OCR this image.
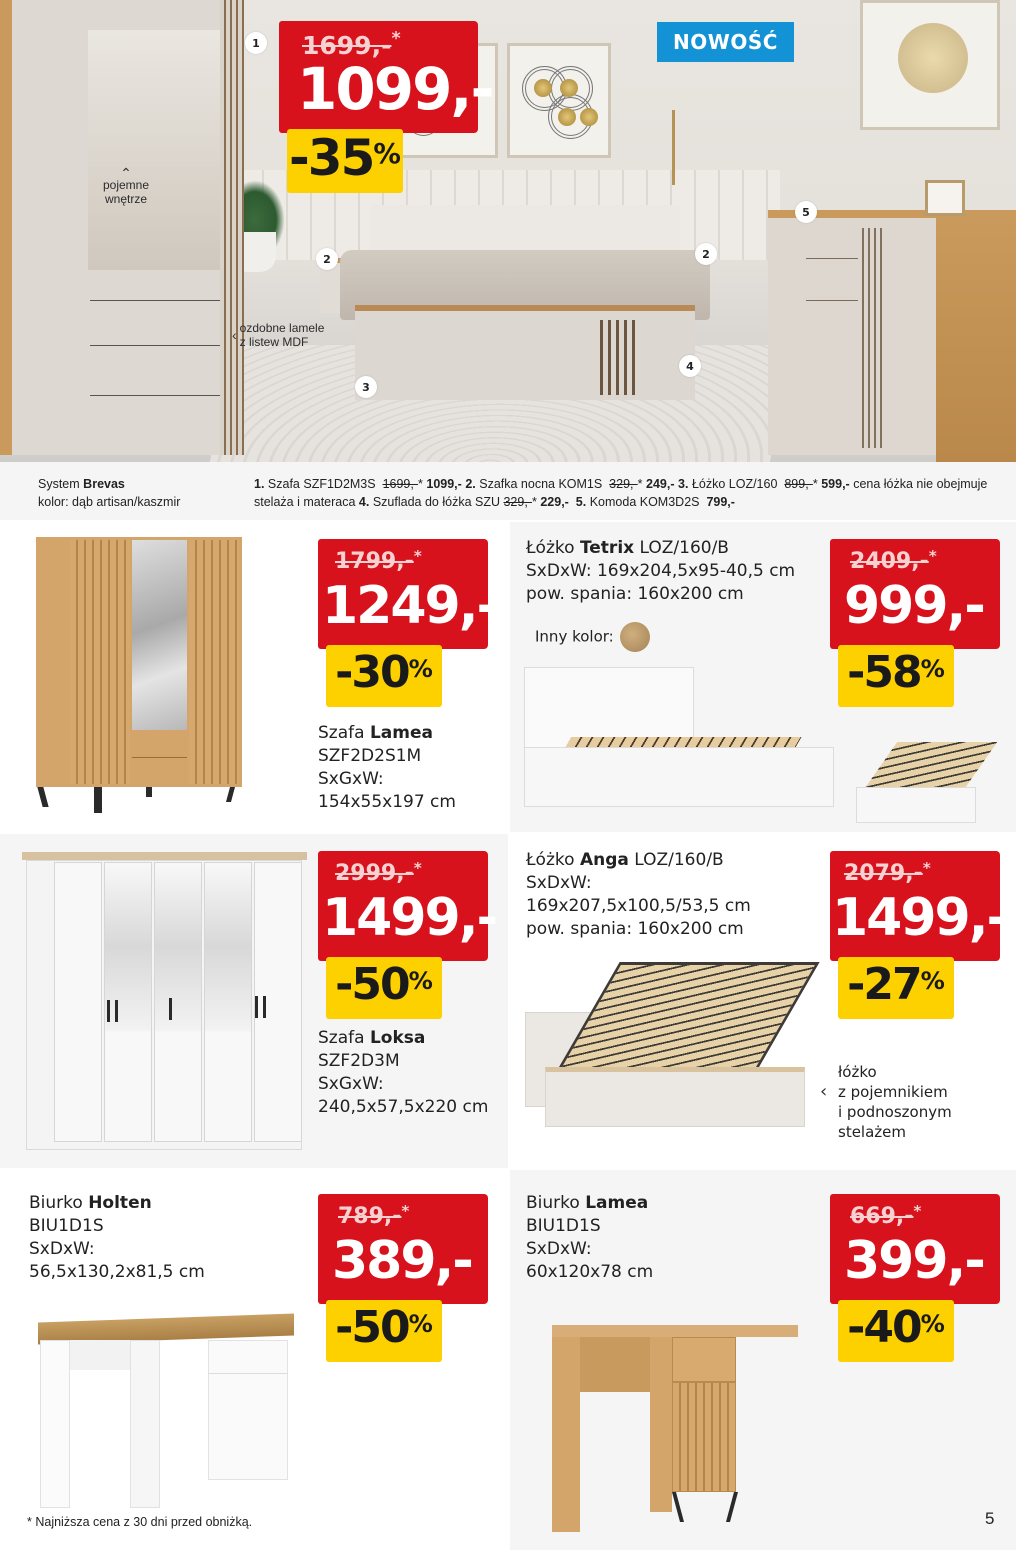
1
2
3
2
4
5
⌃
pojemne
wnętrze
‹ ozdobne lamele
z listew MDF
NOWOŚĆ
1699,-*
1099,-
-35 %
System Brevas
kolor: dąb artisan/kaszmir
1. Szafa SZF1D2M3S 1699,-* 1099,- 2. Szafka nocna KOM1S 329,-* 249,- 3. Łóżko LOZ/160 899,-* 599,- cena łóżka nie obejmuje stelaża i materaca 4. Szuflada do łóżka SZU 329,-* 229,- 5. Komoda KOM3D2S 799,-
1799,-*
1249,-
-30 %
Szafa Lamea
SZF2D2S1M
SxGxW:
154x55x197 cm
Łóżko Tetrix LOZ/160/B
SxDxW: 169x204,5x95-40,5 cm
pow. spania: 160x200 cm
Inny kolor:
2409,-*
999,-
-58 %
2999,-*
1499,-
-50 %
Szafa Loksa
SZF2D3M
SxGxW:
240,5x57,5x220 cm
Łóżko Anga LOZ/160/B
SxDxW:
169x207,5x100,5/53,5 cm
pow. spania: 160x200 cm
‹
łóżko
z pojemnikiem
i podnoszonym
stelażem
2079,-*
1499,-
-27 %
Biurko Holten
BIU1D1S
SxDxW:
56,5x130,2x81,5 cm
789,-*
389,-
-50 %
Biurko Lamea
BIU1D1S
SxDxW:
60x120x78 cm
669,-*
399,-
-40 %
* Najniższa cena z 30 dni przed obniżką.	5
